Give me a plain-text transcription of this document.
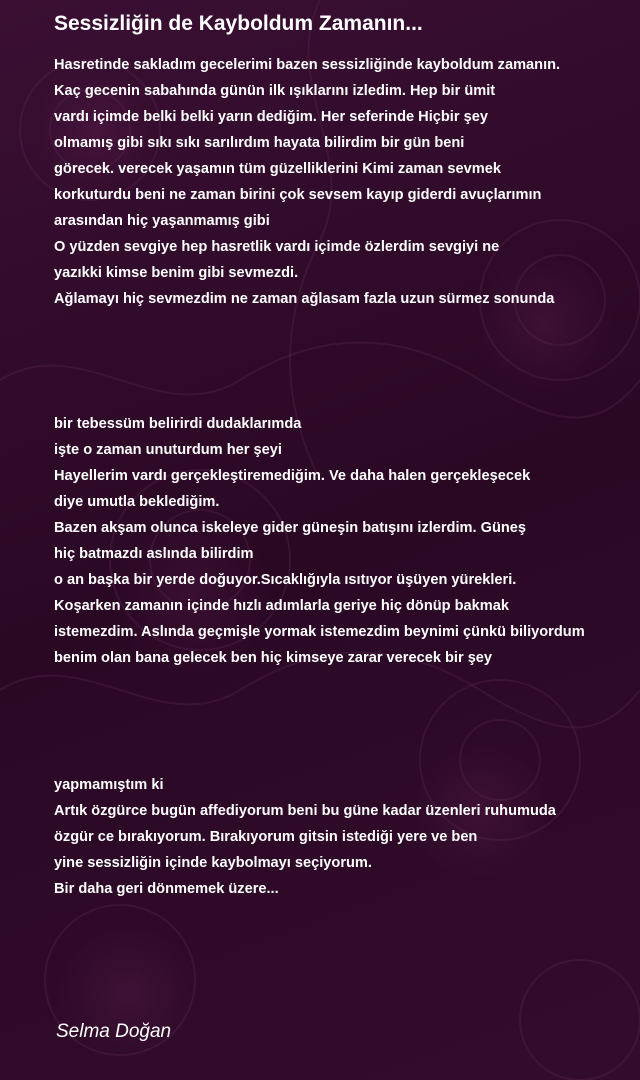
Sessizliğin de Kayboldum Zamanın...
Hasretinde sakladım gecelerimi bazen sessizliğinde kayboldum zamanın.
Kaç gecenin sabahında günün ilk ışıklarını izledim. Hep bir ümit
vardı içimde belki belki yarın dediğim. Her seferinde Hiçbir şey
olmamış gibi sıkı sıkı sarılırdım hayata bilirdim bir gün beni
görecek. verecek yaşamın tüm güzelliklerini Kimi zaman sevmek
korkuturdu beni ne zaman birini çok sevsem kayıp giderdi avuçlarımın
arasından hiç yaşanmamış gibi
O yüzden sevgiye hep hasretlik vardı içimde özlerdim sevgiyi ne
yazıkki kimse benim gibi sevmezdi.
Ağlamayı hiç sevmezdim ne zaman ağlasam fazla uzun sürmez sonunda
bir tebessüm belirirdi dudaklarımda
işte o zaman unuturdum her şeyi
Hayellerim vardı gerçekleştiremediğim. Ve daha halen gerçekleşecek
diye umutla beklediğim.
Bazen akşam olunca iskeleye gider güneşin batışını izlerdim. Güneş
hiç batmazdı aslında bilirdim
o an başka bir yerde doğuyor.Sıcaklığıyla ısıtıyor üşüyen yürekleri.
Koşarken zamanın içinde hızlı adımlarla geriye hiç dönüp bakmak
istemezdim. Aslında geçmişle yormak istemezdim beynimi çünkü biliyordum
benim olan bana gelecek ben hiç kimseye zarar verecek bir şey
yapmamıştım ki
Artık özgürce bugün affediyorum beni bu güne kadar üzenleri ruhumuda
özgür ce bırakıyorum. Bırakıyorum gitsin istediği yere ve ben
yine sessizliğin içinde kaybolmayı seçiyorum.
Bir daha geri dönmemek üzere...
Selma Doğan
